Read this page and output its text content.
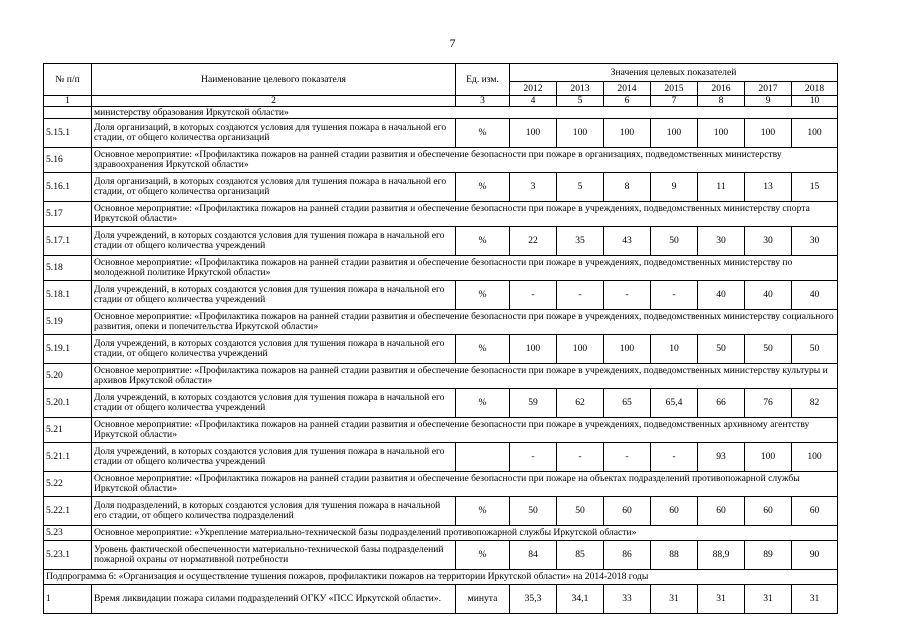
7
№ п/п	Наименование целевого показателя	Ед. изм.	Значения целевых показателей						
			2012	2013	2014	2015	2016	2017	2018
1	2	3	4	5	6	7	8	9	10
	министерству образования Иркутской области»								
5.15.1	Доля организаций, в которых создаются условия для тушения пожара в начальной его стадии, от общего количества организаций	%	100	100	100	100	100	100	100
5.16	Основное мероприятие: «Профилактика пожаров на ранней стадии развития и обеспечение безопасности при пожаре в организациях, подведомственных министерству здравоохранения Иркутской области»								
5.16.1	Доля организаций, в которых создаются условия для тушения пожара в начальной его стадии, от общего количества организаций	%	3	5	8	9	11	13	15
5.17	Основное мероприятие: «Профилактика пожаров на ранней стадии развития и обеспечение безопасности при пожаре в учреждениях, подведомственных министерству спорта Иркутской области»								
5.17.1	Доля учреждений, в которых создаются условия для тушения пожара в начальной его стадии от общего количества учреждений	%	22	35	43	50	30	30	30
5.18	Основное мероприятие: «Профилактика пожаров на ранней стадии развития и обеспечение безопасности при пожаре в учреждениях, подведомственных министерству по молодежной политике Иркутской области»								
5.18.1	Доля учреждений, в которых создаются условия для тушения пожара в начальной его стадии от общего количества учреждений	%	-	-	-	-	40	40	40
5.19	Основное мероприятие: «Профилактика пожаров на ранней стадии развития и обеспечение безопасности при пожаре в учреждениях, подведомственных министерству социального развития, опеки и попечительства Иркутской области»								
5.19.1	Доля учреждений, в которых создаются условия для тушения пожара в начальной его стадии, от общего количества учреждений	%	100	100	100	10	50	50	50
5.20	Основное мероприятие: «Профилактика пожаров на ранней стадии развития и обеспечение безопасности при пожаре в учреждениях, подведомственных министерству культуры и архивов Иркутской области»								
5.20.1	Доля учреждений, в которых создаются условия для тушения пожара в начальной его стадии от общего количества учреждений	%	59	62	65	65,4	66	76	82
5.21	Основное мероприятие: «Профилактика пожаров на ранней стадии развития и обеспечение безопасности при пожаре в учреждениях, подведомственных архивному агентству Иркутской области»								
5.21.1	Доля учреждений, в которых создаются условия для тушения пожара в начальной его стадии от общего количества учреждений		-	-	-	-	93	100	100
5.22	Основное мероприятие: «Профилактика пожаров на ранней стадии развития и обеспечение безопасности при пожаре на объектах подразделений противопожарной службы Иркутской области»								
5.22.1	Доля подразделений, в которых создаются условия для тушения пожара в начальной его стадии, от общего количества подразделений	%	50	50	60	60	60	60	60
5.23	Основное мероприятие: «Укрепление материально-технической базы подразделений противопожарной службы Иркутской области»								
5.23.1	Уровень фактической обеспеченности материально-технической базы подразделений пожарной охраны от нормативной потребности	%	84	85	86	88	88,9	89	90
Подпрограмма 6: «Организация и осуществление тушения пожаров, профилактики пожаров на территории Иркутской области» на 2014-2018 годы									
1	Время ликвидации пожара силами подразделений ОГКУ «ПСС Иркутской области».	минута	35,3	34,1	33	31	31	31	31
